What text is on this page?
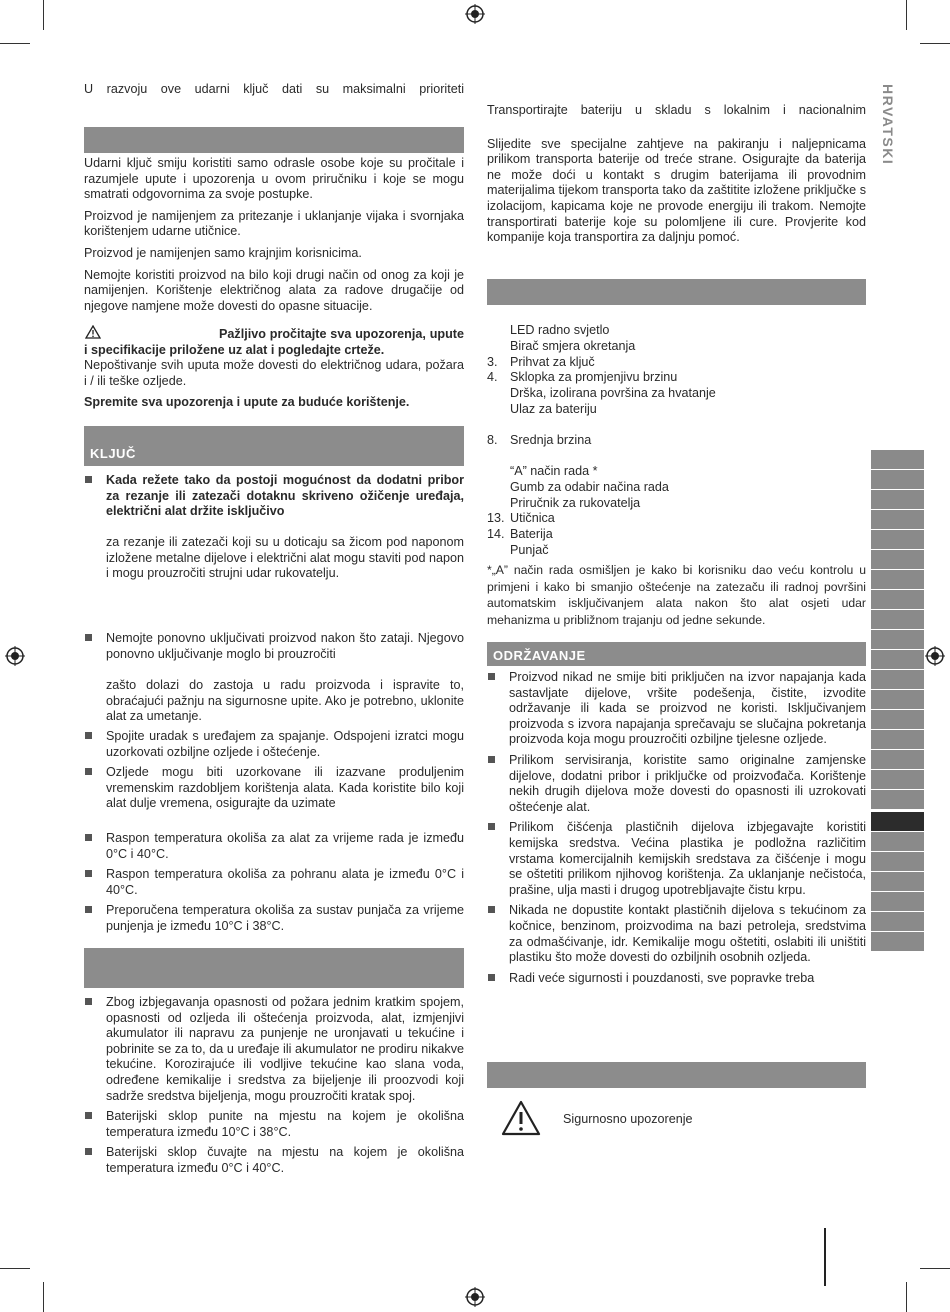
HRVATSKI

U razvoju ove udarni ključ dati su maksimalni prioriteti

Udarni ključ smiju koristiti samo odrasle osobe koje su pročitale i razumjele upute i upozorenja u ovom priručniku i koje se mogu smatrati odgovornima za svoje postupke.

Proizvod je namijenjem za pritezanje i uklanjanje vijaka i svornjaka korištenjem udarne utičnice.

Proizvod je namijenjen samo krajnjim korisnicima.

Nemojte koristiti proizvod na bilo koji drugi način od onog za koji je namijenjen. Korištenje električnog alata za radove drugačije od njegove namjene može dovesti do opasne situacije.

Pažljivo pročitajte sva upozorenja, upute i specifikacije priložene uz alat i pogledajte crteže.
Nepoštivanje svih uputa može dovesti do električnog udara, požara i / ili teške ozljede.

Spremite sva upozorenja i upute za buduće korištenje.

KLJUČ
Kada režete tako da postoji mogućnost da dodatni pribor za rezanje ili zatezači dotaknu skriveno ožičenje uređaja, električni alat držite isključivo

za rezanje ili zatezači koji su u doticaju sa žicom pod naponom izložene metalne dijelove i električni alat mogu staviti pod napon i mogu prouzročiti strujni udar rukovatelju.

Nemojte ponovno uključivati proizvod nakon što zataji. Njegovo ponovno uključivanje moglo bi prouzročiti

zašto dolazi do zastoja u radu proizvoda i ispravite to, obraćajući pažnju na sigurnosne upite. Ako je potrebno, uklonite alat za umetanje.

Spojite uradak s uređajem za spajanje. Odspojeni izratci mogu uzorkovati ozbiljne ozljede i oštećenje.
Ozljede mogu biti uzorkovane ili izazvane produljenim vremenskim razdobljem korištenja alata. Kada koristite bilo koji alat dulje vremena, osigurajte da uzimate
Raspon temperatura okoliša za alat za vrijeme rada je između 0°C i 40°C.
Raspon temperatura okoliša za pohranu alata je između 0°C i 40°C.
Preporučena temperatura okoliša za sustav punjača za vrijeme punjenja je između 10°C i 38°C.
Zbog izbjegavanja opasnosti od požara jednim kratkim spojem, opasnosti od ozljeda ili oštećenja proizvoda, alat, izmjenjivi akumulator ili napravu za punjenje ne uronjavati u tekućine i pobrinite se za to, da u uređaje ili akumulator ne prodiru nikakve tekućine. Korozirajuće ili vodljive tekućine kao slana voda, određene kemikalije i sredstva za bijeljenje ili proozvodi koji sadrže sredstva bijeljenja, mogu prouzročiti kratak spoj.
Baterijski sklop punite na mjestu na kojem je okolišna temperatura između 10°C i 38°C.
Baterijski sklop čuvajte na mjestu na kojem je okolišna temperatura između 0°C i 40°C.

Transportirajte bateriju u skladu s lokalnim i nacionalnim

Slijedite sve specijalne zahtjeve na pakiranju i naljepnicama prilikom transporta baterije od treće strane. Osigurajte da baterija ne može doći u kontakt s drugim baterijama ili provodnim materijalima tijekom transporta tako da zaštitite izložene priključke s izolacijom, kapicama koje ne provode energiju ili trakom. Nemojte transportirati baterije koje su polomljene ili cure. Provjerite kod kompanije koja transportira za daljnju pomoć.

LED radno svjetlo
Birač smjera okretanja
3. Prihvat za ključ
4. Sklopka za promjenjivu brzinu
Drška, izolirana površina za hvatanje
Ulaz za bateriju
8. Srednja brzina
“A” način rada *
Gumb za odabir načina rada
Priručnik za rukovatelja
13. Utičnica
14. Baterija
Punjač

*„A” način rada osmišljen je kako bi korisniku dao veću kontrolu u primjeni i kako bi smanjio oštećenje na zatezaču ili radnoj površini automatskim isključivanjem alata nakon što alat osjeti udar mehanizma u približnom trajanju od jedne sekunde.

ODRŽAVANJE
Proizvod nikad ne smije biti priključen na izvor napajanja kada sastavljate dijelove, vršite podešenja, čistite, izvodite održavanje ili kada se proizvod ne koristi. Isključivanjem proizvoda s izvora napajanja sprečavaju se slučajna pokretanja proizvoda koja mogu prouzročiti ozbiljne tjelesne ozljede.
Prilikom servisiranja, koristite samo originalne zamjenske dijelove, dodatni pribor i priključke od proizvođača. Korištenje nekih drugih dijelova može dovesti do opasnosti ili uzrokovati oštećenje alat.
Prilikom čišćenja plastičnih dijelova izbjegavajte koristiti kemijska sredstva. Većina plastika je podložna različitim vrstama komercijalnih kemijskih sredstava za čišćenje i mogu se oštetiti prilikom njihovog korištenja. Za uklanjanje nečistoća, prašine, ulja masti i drugog upotrebljavajte čistu krpu.
Nikada ne dopustite kontakt plastičnih dijelova s tekućinom za kočnice, benzinom, proizvodima na bazi petroleja, sredstvima za odmašćivanje, idr. Kemikalije mogu oštetiti, oslabiti ili uništiti plastiku što može dovesti do ozbiljnih osobnih ozljeda.
Radi veće sigurnosti i pouzdanosti, sve popravke treba
Sigurnosno upozorenje
